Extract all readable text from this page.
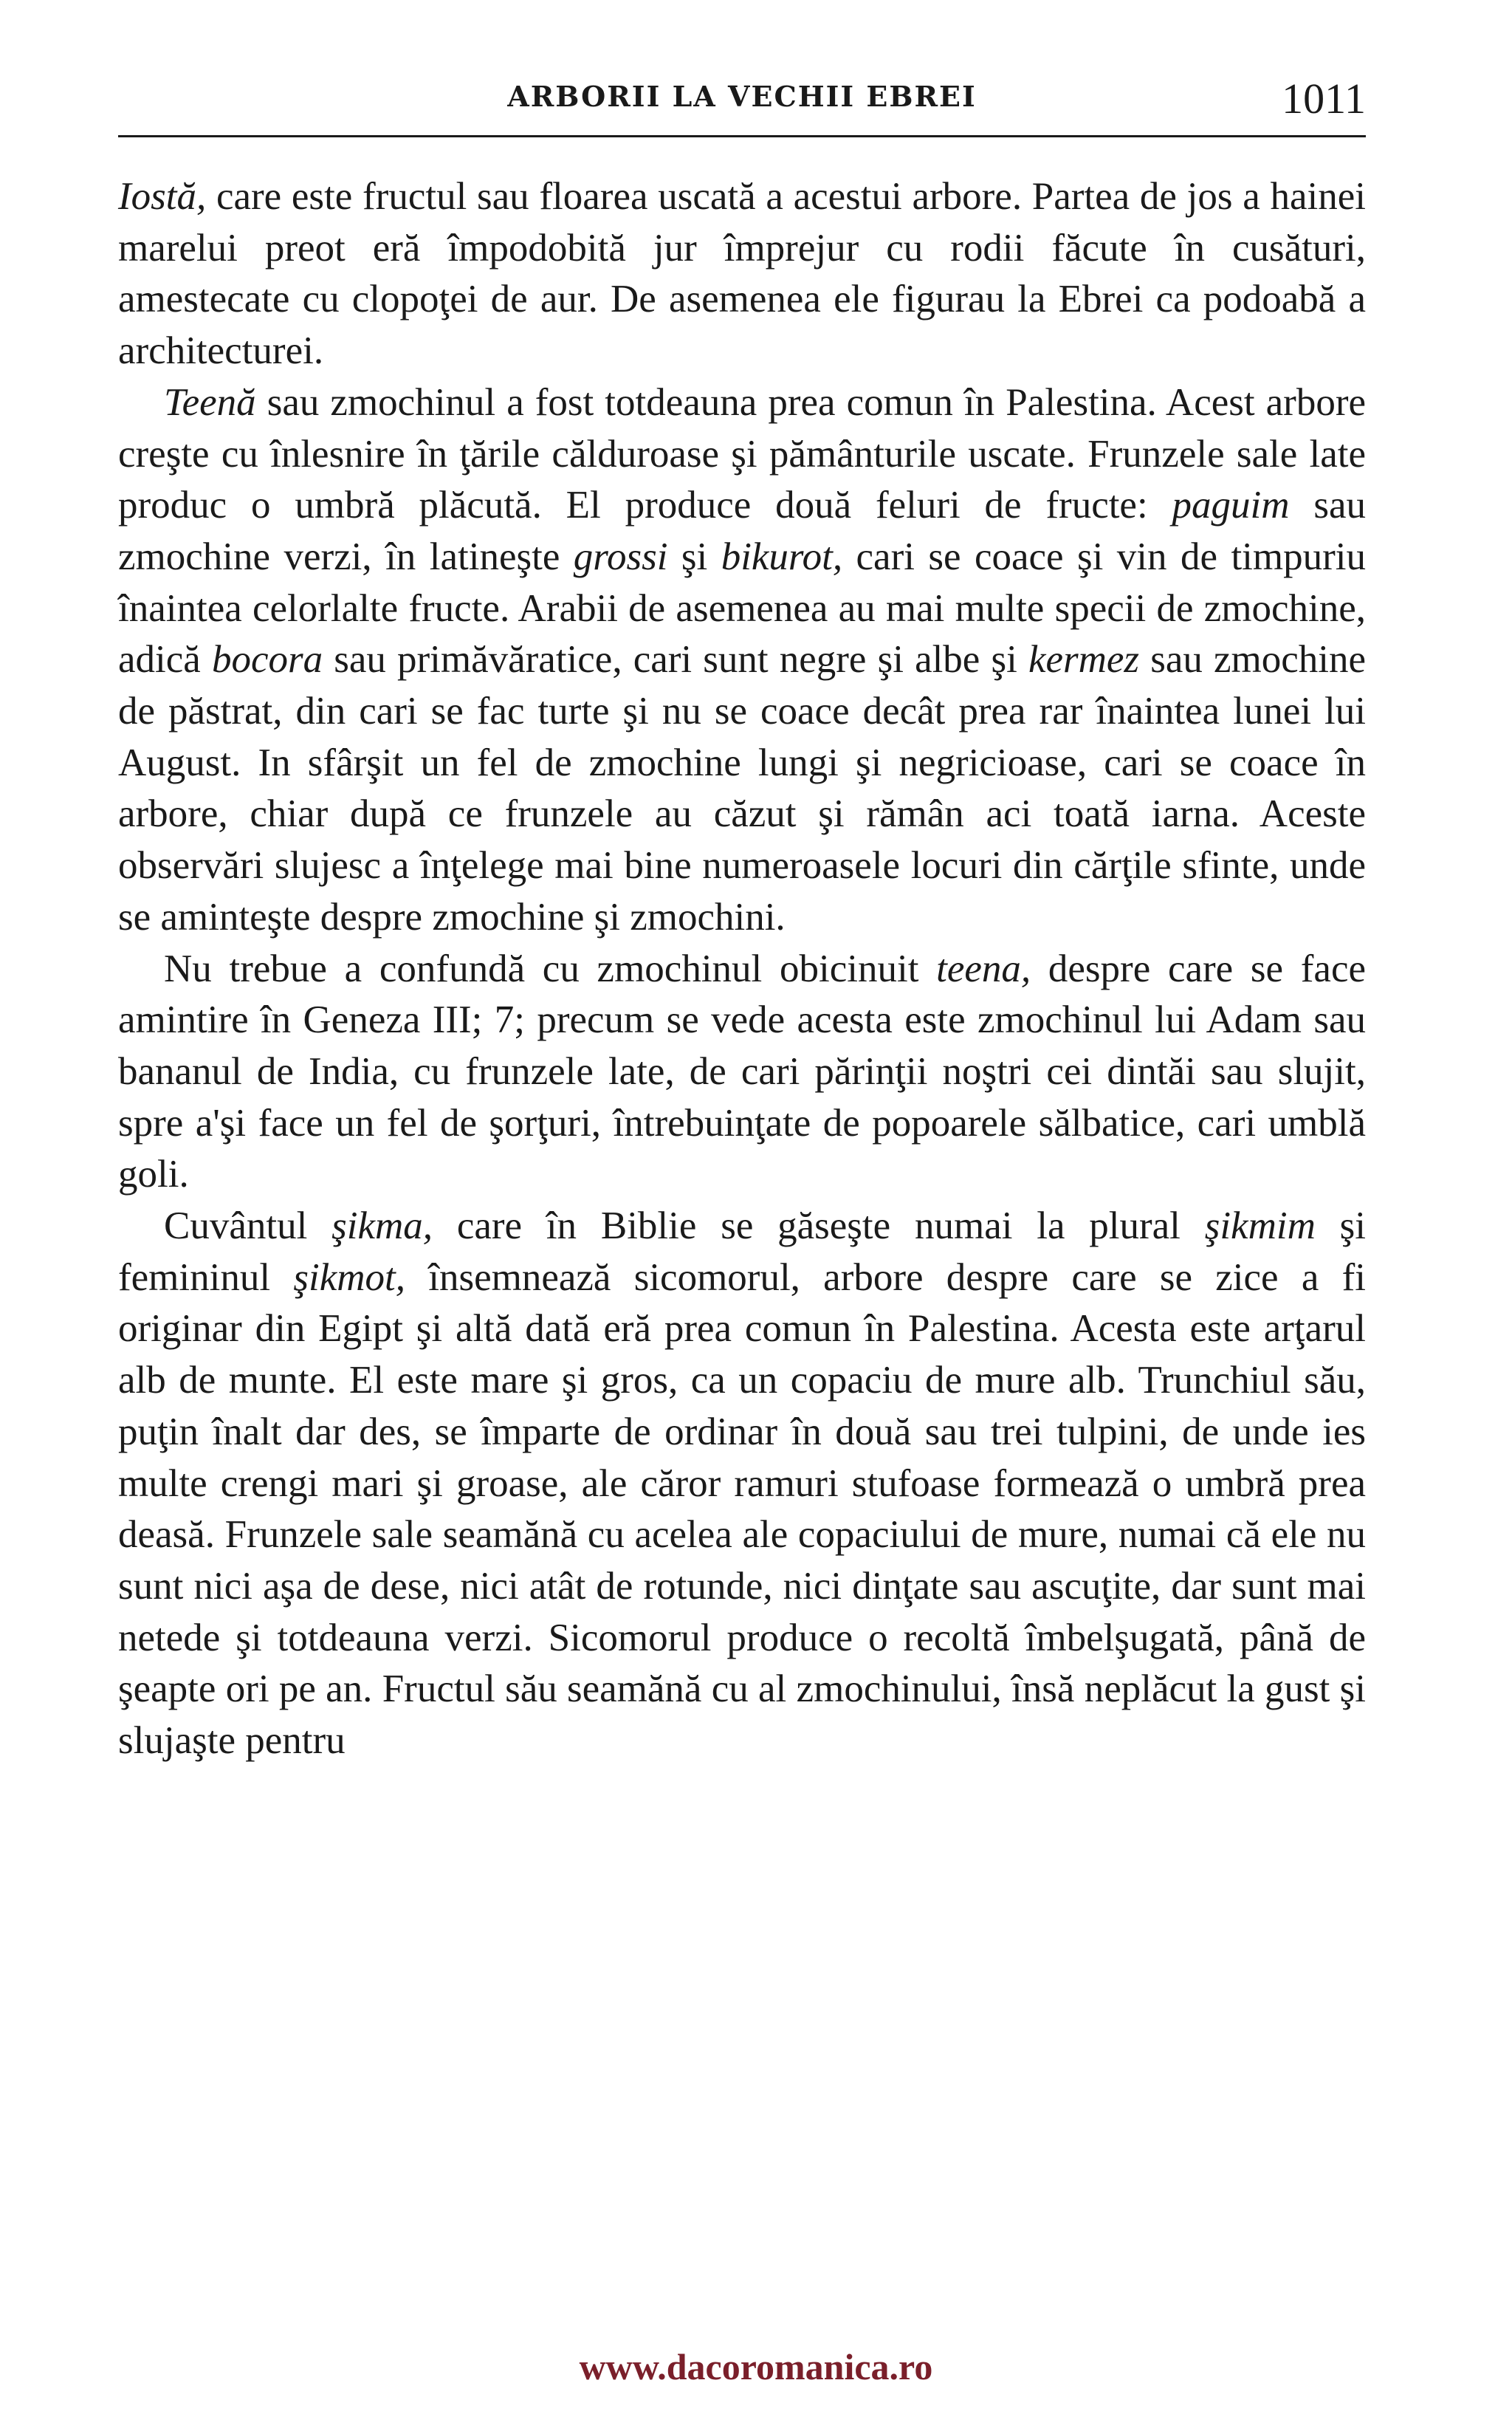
ARBORII LA VECHII EBREI	1011

Iostă, care este fructul sau floarea uscată a acestui arbore. Partea de jos a hainei marelui preot eră împodobită jur împrejur cu rodii făcute în cusături, amestecate cu clopoţei de aur. De asemenea ele figurau la Ebrei ca podoabă a architecturei.

Teenă sau zmochinul a fost totdeauna prea comun în Palestina. Acest arbore creşte cu înlesnire în ţările călduroase şi pământurile uscate. Frunzele sale late produc o umbră plăcută. El produce două feluri de fructe: paguim sau zmochine verzi, în latineşte grossi şi bikurot, cari se coace şi vin de timpuriu înaintea celorlalte fructe. Arabii de asemenea au mai multe specii de zmochine, adică bocora sau primăvăratice, cari sunt negre şi albe şi kermez sau zmochine de păstrat, din cari se fac turte şi nu se coace decât prea rar înaintea lunei lui August. In sfârşit un fel de zmochine lungi şi negricioase, cari se coace în arbore, chiar după ce frunzele au căzut şi rămân aci toată iarna. Aceste observări slujesc a înţelege mai bine numeroasele locuri din cărţile sfinte, unde se aminteşte despre zmochine şi zmochini.

Nu trebue a confundă cu zmochinul obicinuit teena, despre care se face amintire în Geneza III; 7; precum se vede acesta este zmochinul lui Adam sau bananul de India, cu frunzele late, de cari părinţii noştri cei dintăi sau slujit, spre a'şi face un fel de şorţuri, întrebuinţate de popoarele sălbatice, cari umblă goli.

Cuvântul şikma, care în Biblie se găseşte numai la plural şikmim şi femininul şikmot, însemnează sicomorul, arbore despre care se zice a fi originar din Egipt şi altă dată eră prea comun în Palestina. Acesta este arţarul alb de munte. El este mare şi gros, ca un copaciu de mure alb. Trunchiul său, puţin înalt dar des, se împarte de ordinar în două sau trei tulpini, de unde ies multe crengi mari şi groase, ale căror ramuri stufoase formează o umbră prea deasă. Frunzele sale seamănă cu acelea ale copaciului de mure, numai că ele nu sunt nici aşa de dese, nici atât de rotunde, nici dinţate sau ascuţite, dar sunt mai netede şi totdeauna verzi. Sicomorul produce o recoltă îmbelşugată, până de şeapte ori pe an. Fructul său seamănă cu al zmochinului, însă neplăcut la gust şi slujaşte pentru

www.dacoromanica.ro
